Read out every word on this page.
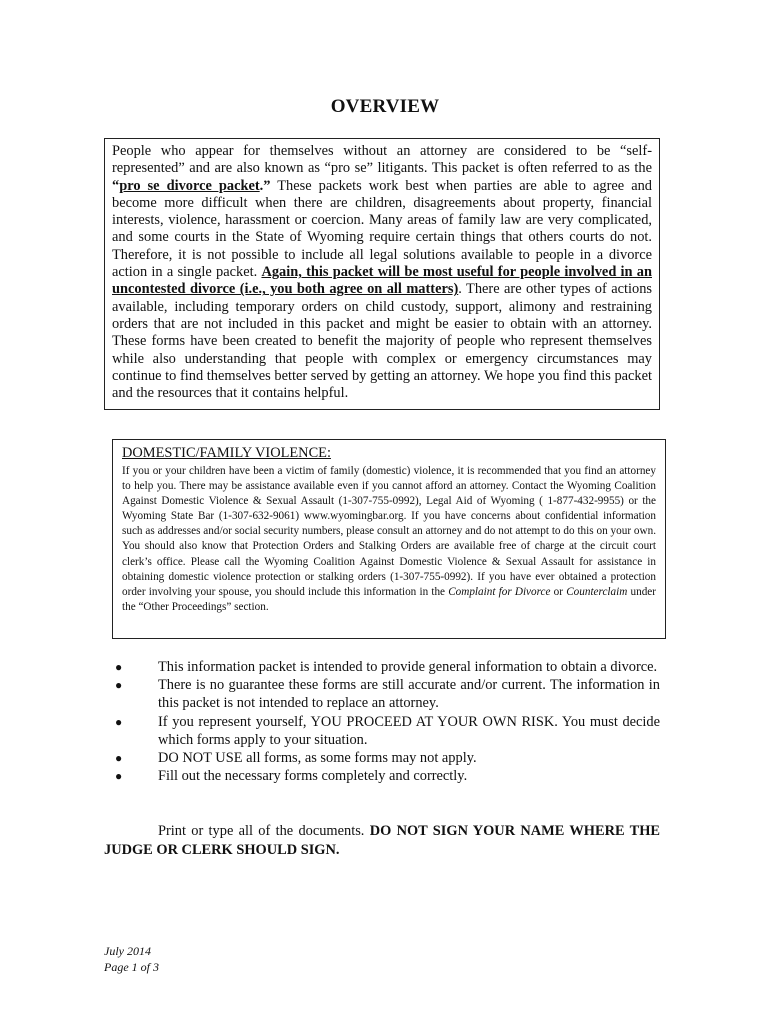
OVERVIEW
People who appear for themselves without an attorney are considered to be “self-represented” and are also known as “pro se” litigants. This packet is often referred to as the “pro se divorce packet.” These packets work best when parties are able to agree and become more difficult when there are children, disagreements about property, financial interests, violence, harassment or coercion. Many areas of family law are very complicated, and some courts in the State of Wyoming require certain things that others courts do not. Therefore, it is not possible to include all legal solutions available to people in a divorce action in a single packet. Again, this packet will be most useful for people involved in an uncontested divorce (i.e., you both agree on all matters). There are other types of actions available, including temporary orders on child custody, support, alimony and restraining orders that are not included in this packet and might be easier to obtain with an attorney. These forms have been created to benefit the majority of people who represent themselves while also understanding that people with complex or emergency circumstances may continue to find themselves better served by getting an attorney. We hope you find this packet and the resources that it contains helpful.
DOMESTIC/FAMILY VIOLENCE:
If you or your children have been a victim of family (domestic) violence, it is recommended that you find an attorney to help you. There may be assistance available even if you cannot afford an attorney. Contact the Wyoming Coalition Against Domestic Violence & Sexual Assault (1-307-755-0992), Legal Aid of Wyoming ( 1-877-432-9955) or the Wyoming State Bar (1-307-632-9061) www.wyomingbar.org. If you have concerns about confidential information such as addresses and/or social security numbers, please consult an attorney and do not attempt to do this on your own. You should also know that Protection Orders and Stalking Orders are available free of charge at the circuit court clerk’s office. Please call the Wyoming Coalition Against Domestic Violence & Sexual Assault for assistance in obtaining domestic violence protection or stalking orders (1-307-755-0992). If you have ever obtained a protection order involving your spouse, you should include this information in the Complaint for Divorce or Counterclaim under the “Other Proceedings” section.
● This information packet is intended to provide general information to obtain a divorce.
● There is no guarantee these forms are still accurate and/or current. The information in this packet is not intended to replace an attorney.
● If you represent yourself, YOU PROCEED AT YOUR OWN RISK. You must decide which forms apply to your situation.
● DO NOT USE all forms, as some forms may not apply.
● Fill out the necessary forms completely and correctly.

Print or type all of the documents. DO NOT SIGN YOUR NAME WHERE THE JUDGE OR CLERK SHOULD SIGN.

July 2014
Page 1 of 3
